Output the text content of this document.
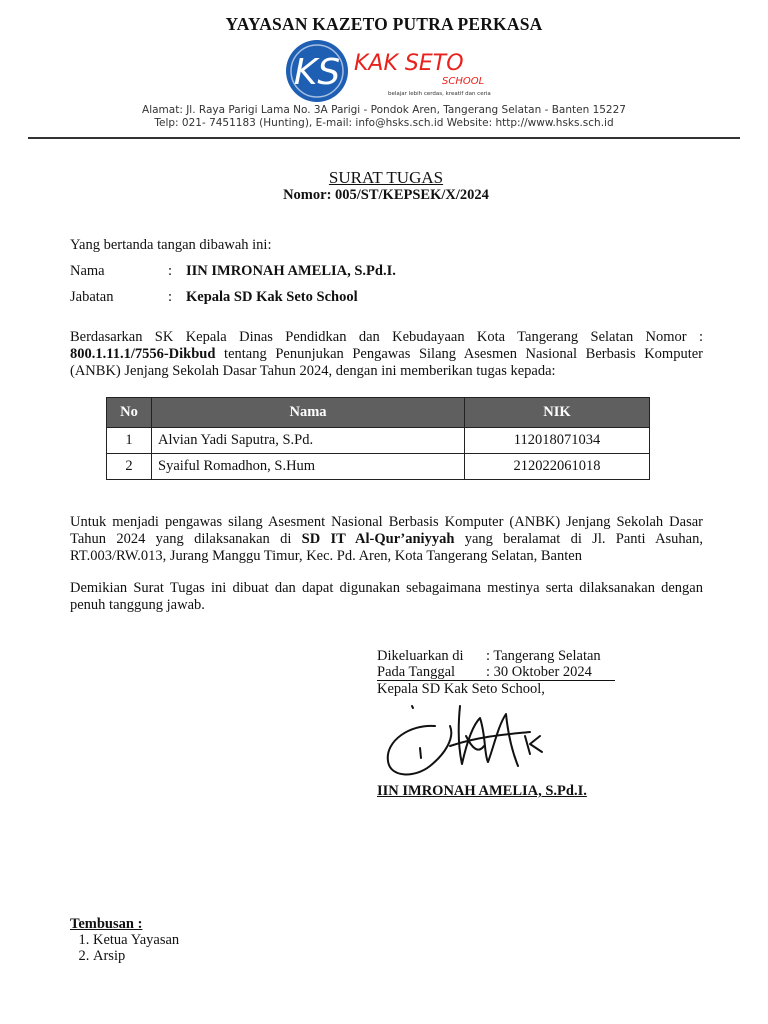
YAYASAN KAZETO PUTRA PERKASA
KS KAK SETO
SCHOOL
belajar lebih cerdas, kreatif dan ceria
Alamat: Jl. Raya Parigi Lama No. 3A Parigi - Pondok Aren, Tangerang Selatan - Banten 15227
Telp: 021- 7451183 (Hunting), E-mail: info@hsks.sch.id Website: http://www.hsks.sch.id
SURAT TUGAS
Nomor: 005/ST/KEPSEK/X/2024
Yang bertanda tangan dibawah ini:
Nama	: IIN IMRONAH AMELIA, S.Pd.I.
Jabatan	: Kepala SD Kak Seto School
Berdasarkan SK Kepala Dinas Pendidkan dan Kebudayaan Kota Tangerang Selatan Nomor : 800.1.11.1/7556-Dikbud tentang Penunjukan Pengawas Silang Asesmen Nasional Berbasis Komputer (ANBK) Jenjang Sekolah Dasar Tahun 2024, dengan ini memberikan tugas kepada:
No	Nama	NIK
1	Alvian Yadi Saputra, S.Pd.	112018071034
2	Syaiful Romadhon, S.Hum	212022061018
Untuk menjadi pengawas silang Asesment Nasional Berbasis Komputer (ANBK) Jenjang Sekolah Dasar Tahun 2024 yang dilaksanakan di SD IT Al-Qur’aniyyah yang beralamat di Jl. Panti Asuhan, RT.003/RW.013, Jurang Manggu Timur, Kec. Pd. Aren, Kota Tangerang Selatan, Banten
Demikian Surat Tugas ini dibuat dan dapat digunakan sebagaimana mestinya serta dilaksanakan dengan penuh tanggung jawab.
Dikeluarkan di : Tangerang Selatan
Pada Tanggal : 30 Oktober 2024
Kepala SD Kak Seto School,
IIN IMRONAH AMELIA, S.Pd.I.
Tembusan :
1. Ketua Yayasan
2. Arsip
